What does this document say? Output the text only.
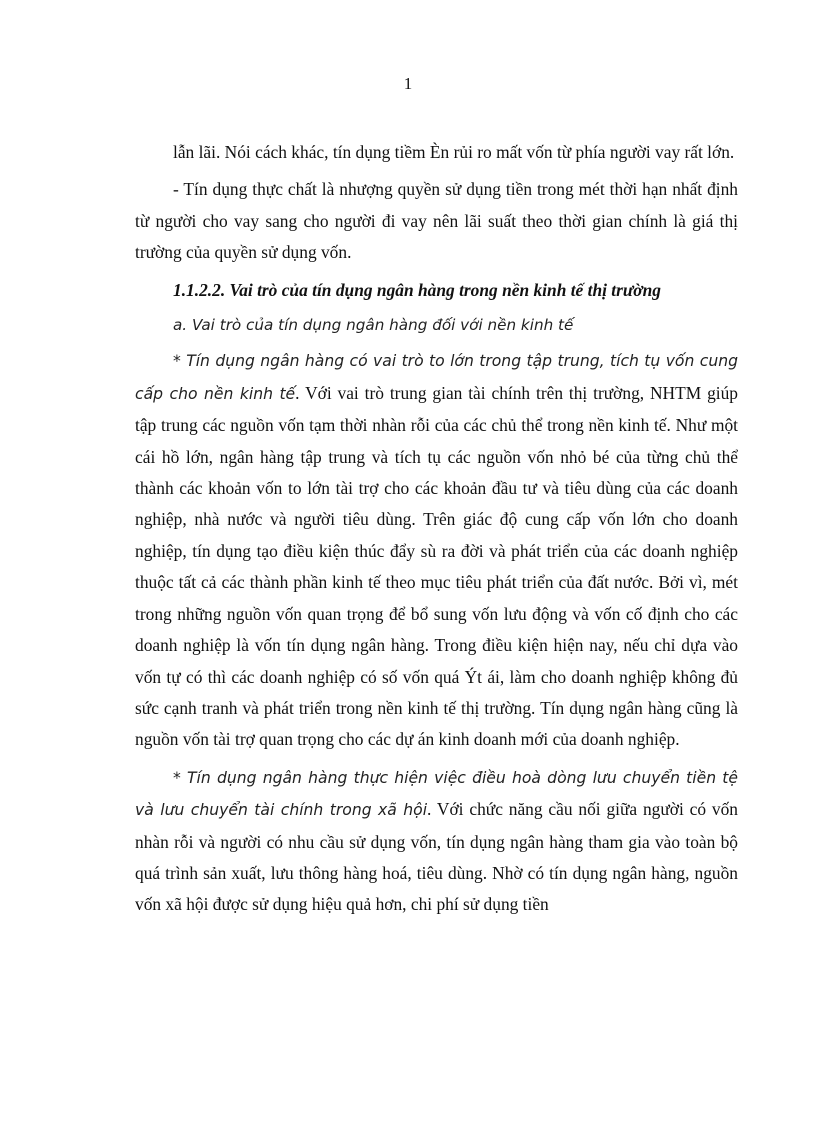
1

lẫn lãi. Nói cách khác, tín dụng tiềm Èn rủi ro mất vốn từ phía người vay rất lớn.

- Tín dụng thực chất là nhượng quyền sử dụng tiền trong mét thời hạn nhất định từ người cho vay sang cho người đi vay nên lãi suất theo thời gian chính là giá thị trường của quyền sử dụng vốn.

1.1.2.2. Vai trò của tín dụng ngân hàng trong nền kinh tế thị trường

a. Vai trò của tín dụng ngân hàng đối với nền kinh tế

* Tín dụng ngân hàng có vai trò to lớn trong tập trung, tích tụ vốn cung cấp cho nền kinh tế. Với vai trò trung gian tài chính trên thị trường, NHTM giúp tập trung các nguồn vốn tạm thời nhàn rỗi của các chủ thể trong nền kinh tế. Như một cái hồ lớn, ngân hàng tập trung và tích tụ các nguồn vốn nhỏ bé của từng chủ thể thành các khoản vốn to lớn tài trợ cho các khoản đầu tư và tiêu dùng của các doanh nghiệp, nhà nước và người tiêu dùng. Trên giác độ cung cấp vốn lớn cho doanh nghiệp, tín dụng tạo điều kiện thúc đẩy sù ra đời và phát triển của các doanh nghiệp thuộc tất cả các thành phần kinh tế theo mục tiêu phát triển của đất nước. Bởi vì, mét trong những nguồn vốn quan trọng để bổ sung vốn lưu động và vốn cố định cho các doanh nghiệp là vốn tín dụng ngân hàng. Trong điều kiện hiện nay, nếu chỉ dựa vào vốn tự có thì các doanh nghiệp có số vốn quá Ýt ái, làm cho doanh nghiệp không đủ sức cạnh tranh và phát triển trong nền kinh tế thị trường. Tín dụng ngân hàng cũng là nguồn vốn tài trợ quan trọng cho các dự án kinh doanh mới của doanh nghiệp.

* Tín dụng ngân hàng thực hiện việc điều hoà dòng lưu chuyển tiền tệ và lưu chuyển tài chính trong xã hội. Với chức năng cầu nối giữa người có vốn nhàn rỗi và người có nhu cầu sử dụng vốn, tín dụng ngân hàng tham gia vào toàn bộ quá trình sản xuất, lưu thông hàng hoá, tiêu dùng. Nhờ có tín dụng ngân hàng, nguồn vốn xã hội được sử dụng hiệu quả hơn, chi phí sử dụng tiền
